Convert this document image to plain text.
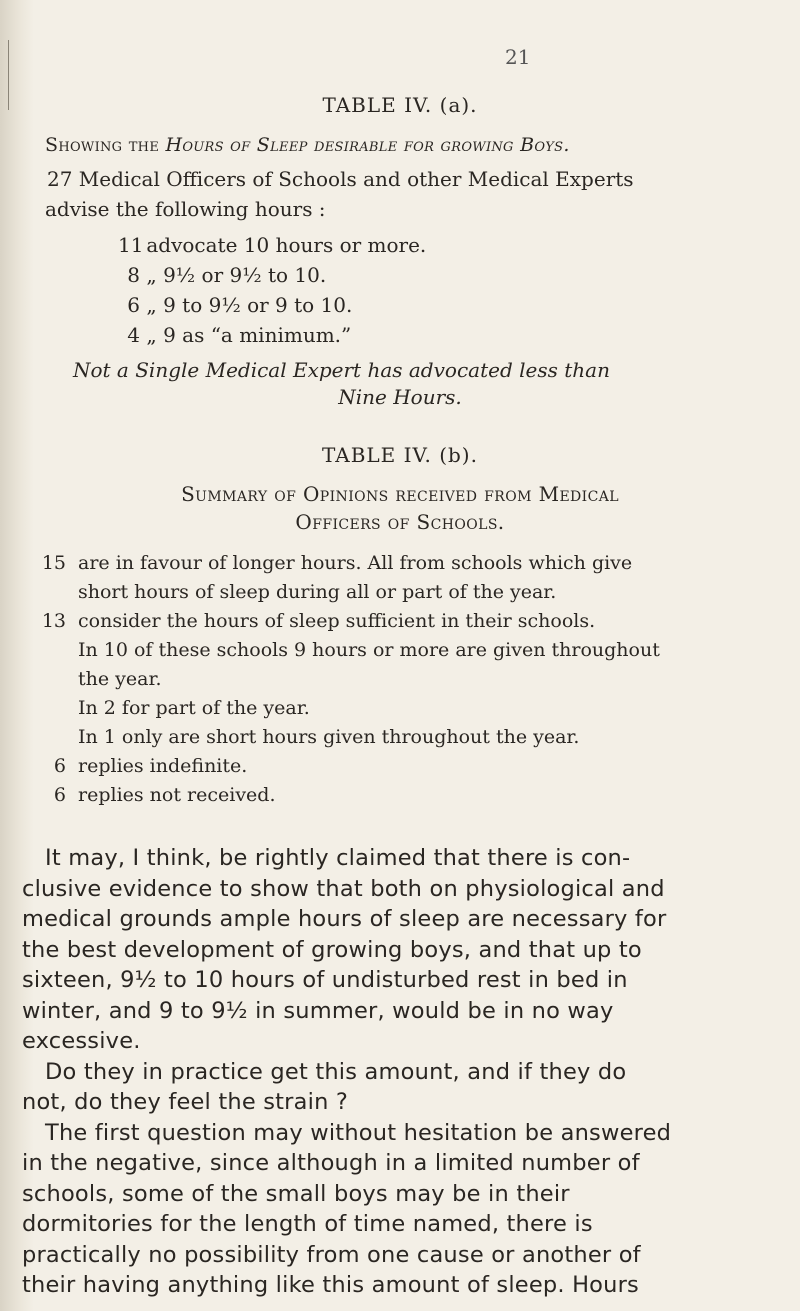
21
TABLE IV. (a).
Showing the Hours of Sleep desirable for growing Boys.
27 Medical Officers of Schools and other Medical Experts
advise the following hours :
11 advocate 10 hours or more.
8 „ 9½ or 9½ to 10.
6 „ 9 to 9½ or 9 to 10.
4 „ 9 as “a minimum.”
Not a Single Medical Expert has advocated less than
Nine Hours.
TABLE IV. (b).
Summary of Opinions received from Medical
Officers of Schools.
15 are in favour of longer hours. All from schools which give
short hours of sleep during all or part of the year.
13 consider the hours of sleep sufficient in their schools.
In 10 of these schools 9 hours or more are given throughout
the year.
In 2 for part of the year.
In 1 only are short hours given throughout the year.
6 replies indefinite.
6 replies not received.
It may, I think, be rightly claimed that there is con-
clusive evidence to show that both on physiological and
medical grounds ample hours of sleep are necessary for
the best development of growing boys, and that up to
sixteen, 9½ to 10 hours of undisturbed rest in bed in
winter, and 9 to 9½ in summer, would be in no way
excessive.
Do they in practice get this amount, and if they do
not, do they feel the strain ?
The first question may without hesitation be answered
in the negative, since although in a limited number of
schools, some of the small boys may be in their
dormitories for the length of time named, there is
practically no possibility from one cause or another of
their having anything like this amount of sleep. Hours
